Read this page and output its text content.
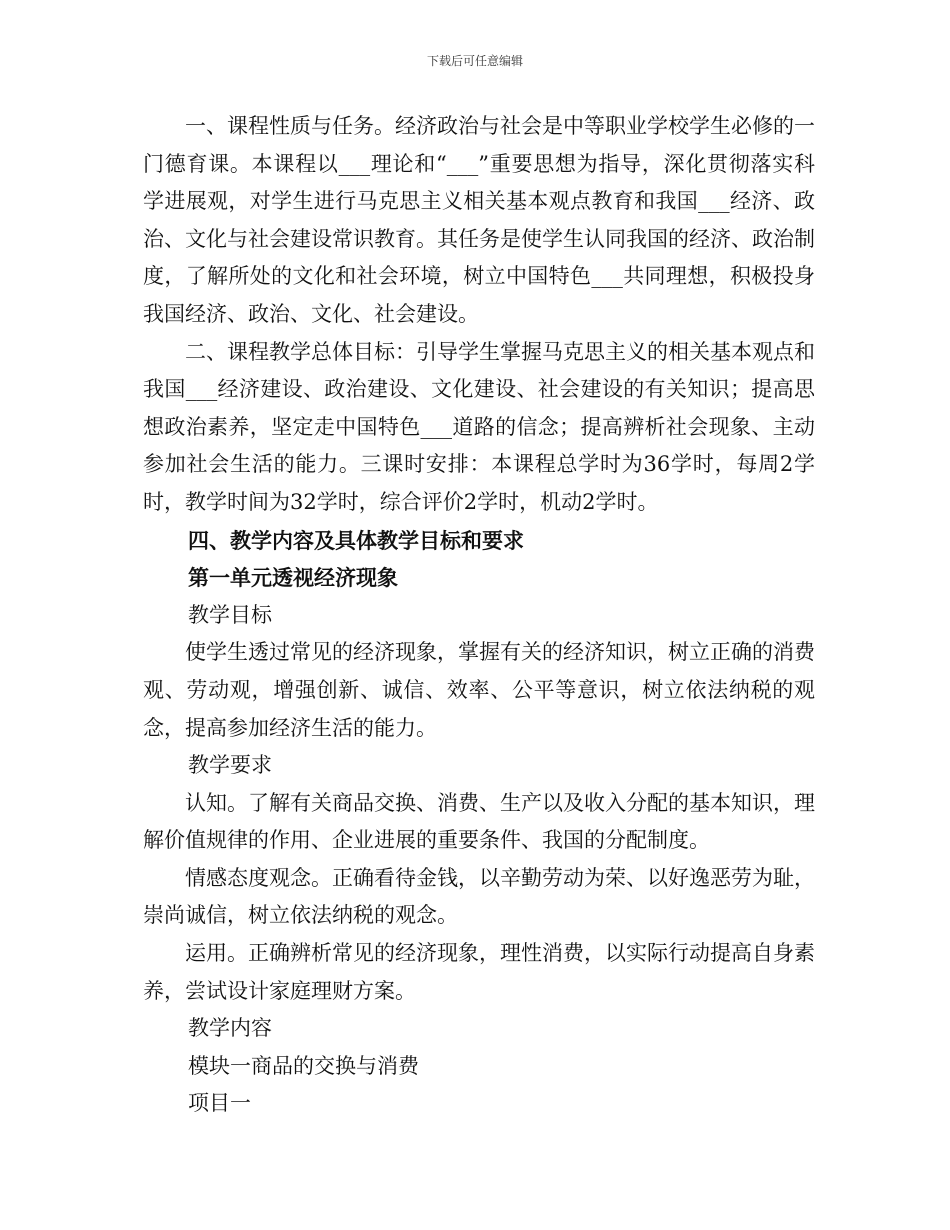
下载后可任意编辑

一、课程性质与任务。经济政治与社会是中等职业学校学生必修的一门德育课。本课程以___理论和“___”重要思想为指导，深化贯彻落实科学进展观，对学生进行马克思主义相关基本观点教育和我国___经济、政治、文化与社会建设常识教育。其任务是使学生认同我国的经济、政治制度，了解所处的文化和社会环境，树立中国特色___共同理想，积极投身我国经济、政治、文化、社会建设。

二、课程教学总体目标：引导学生掌握马克思主义的相关基本观点和我国___经济建设、政治建设、文化建设、社会建设的有关知识；提高思想政治素养，坚定走中国特色___道路的信念；提高辨析社会现象、主动参加社会生活的能力。三课时安排：本课程总学时为36学时，每周2学时，教学时间为32学时，综合评价2学时，机动2学时。

四、教学内容及具体教学目标和要求

第一单元透视经济现象

教学目标

使学生透过常见的经济现象，掌握有关的经济知识，树立正确的消费观、劳动观，增强创新、诚信、效率、公平等意识，树立依法纳税的观念，提高参加经济生活的能力。

教学要求

认知。了解有关商品交换、消费、生产以及收入分配的基本知识，理解价值规律的作用、企业进展的重要条件、我国的分配制度。

情感态度观念。正确看待金钱，以辛勤劳动为荣、以好逸恶劳为耻，崇尚诚信，树立依法纳税的观念。

运用。正确辨析常见的经济现象，理性消费，以实际行动提高自身素养，尝试设计家庭理财方案。

教学内容

模块一商品的交换与消费

项目一
